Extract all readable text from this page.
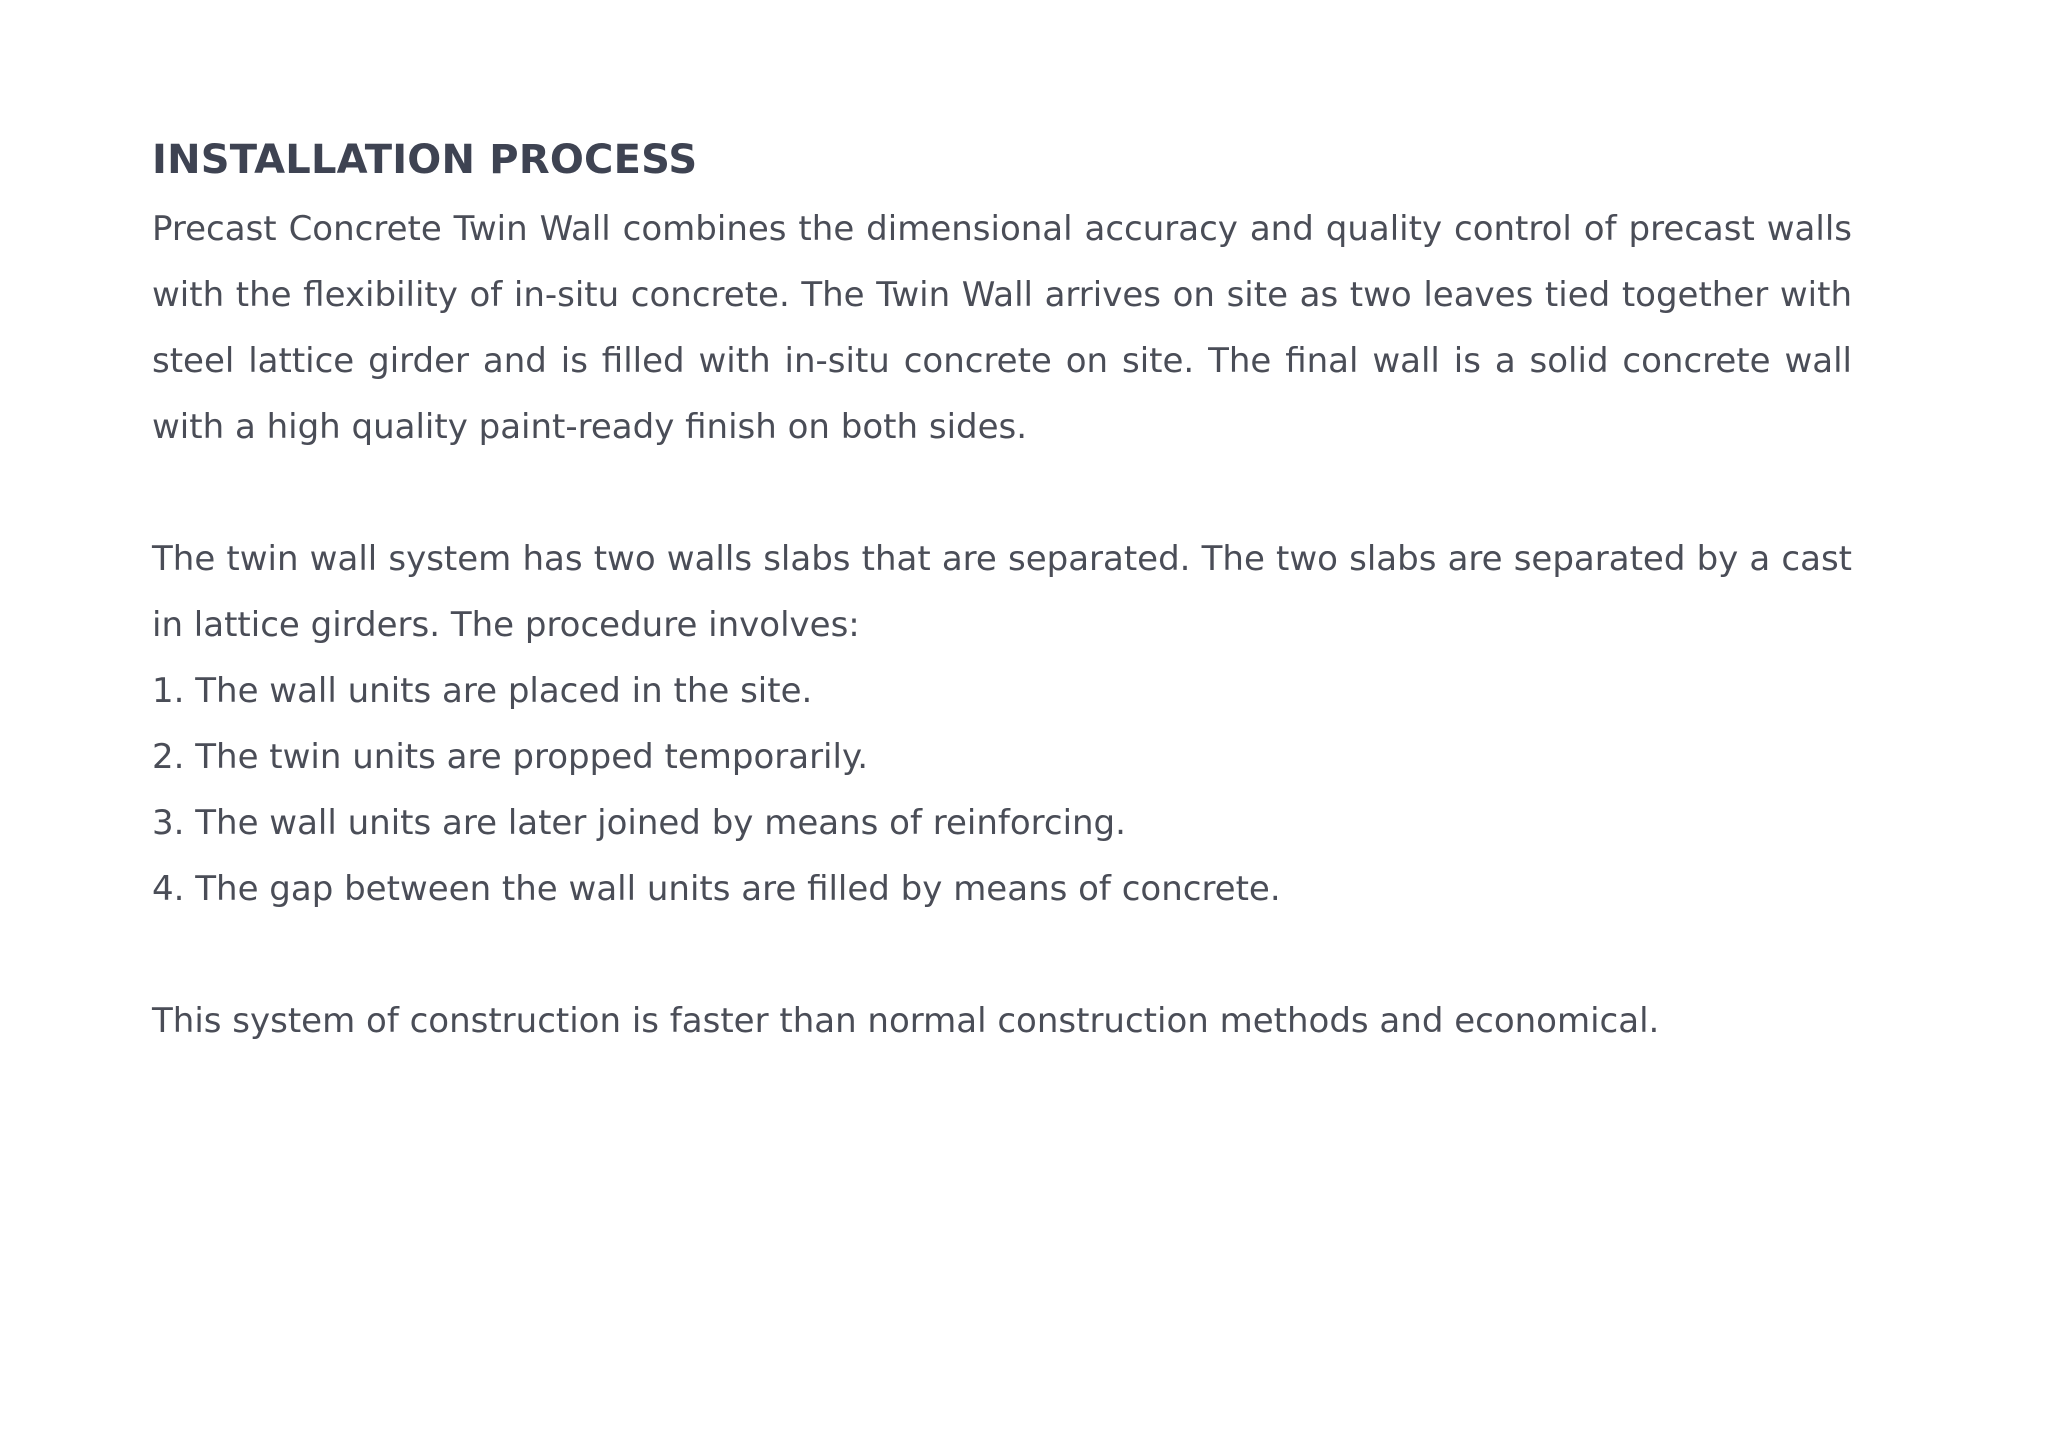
INSTALLATION PROCESS

Precast Concrete Twin Wall combines the dimensional accuracy and quality control of precast walls with the flexibility of in-situ concrete. The Twin Wall arrives on site as two leaves tied together with steel lattice girder and is filled with in-situ concrete on site. The final wall is a solid concrete wall with a high quality paint-ready finish on both sides.

The twin wall system has two walls slabs that are separated. The two slabs are separated by a cast in lattice girders. The procedure involves:

1. The wall units are placed in the site.
2. The twin units are propped temporarily.
3. The wall units are later joined by means of reinforcing.
4. The gap between the wall units are filled by means of concrete.

This system of construction is faster than normal construction methods and economical.
